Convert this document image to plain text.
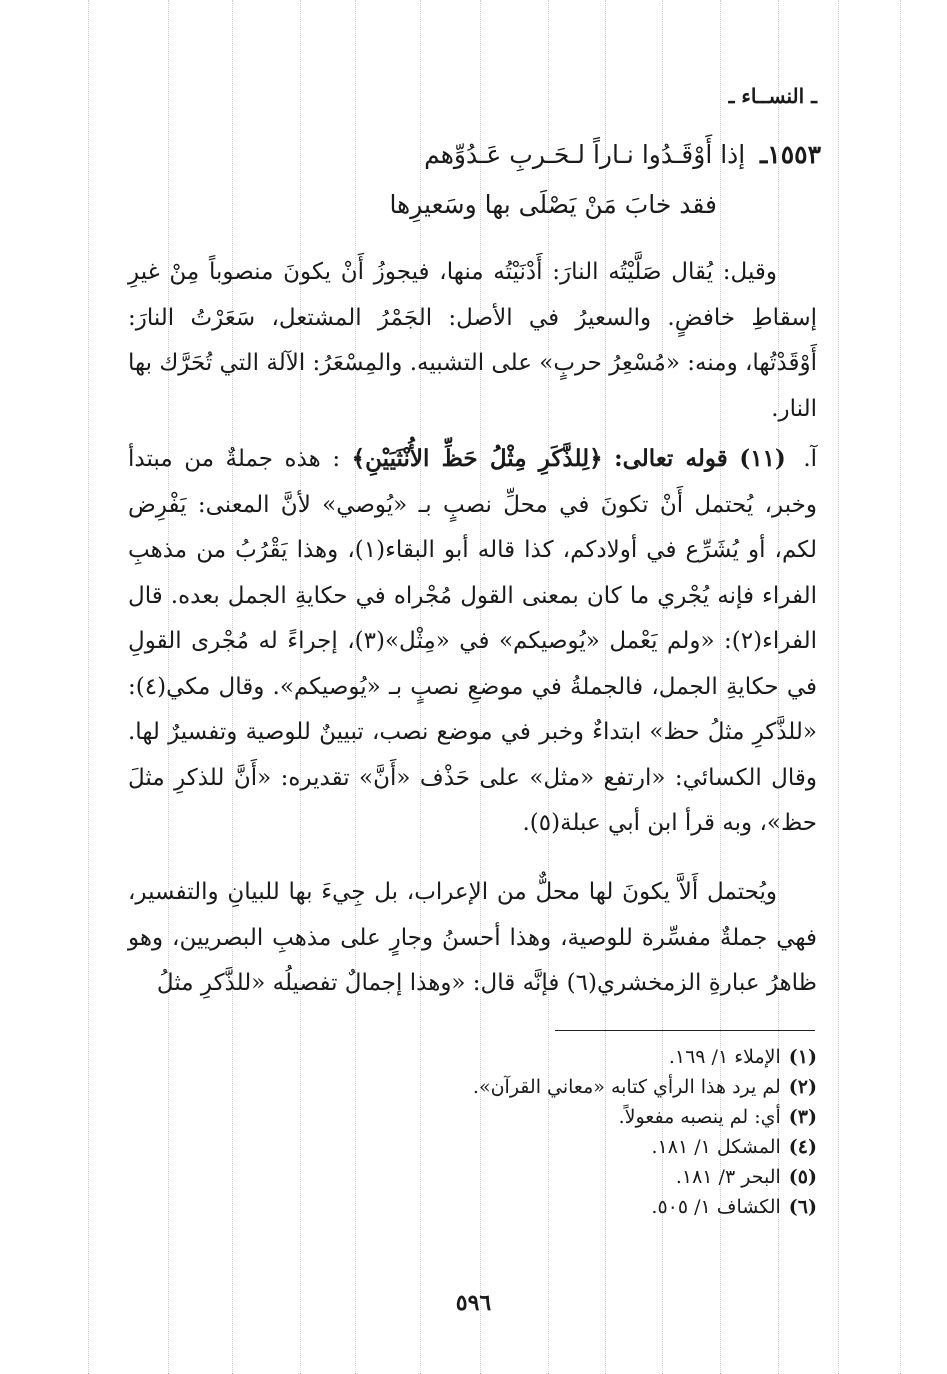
ـ النســاء ـ
١٥٥٣ـ إذا أَوْقَـدُوا نـاراً لـحَـربِ عَـدُوِّهم
فقد خابَ مَنْ يَصْلَى بها وسَعيرِها
وقيل: يُقال صَلَّيْتُه النارَ: أَدْنَيْتُه منها، فيجوزُ أَنْ يكونَ منصوباً مِنْ غيرِ إسقاطِ خافضٍ. والسعيرُ في الأصل: الجَمْرُ المشتعل، سَعَرْتُ النارَ: أَوْقَدْتُها، ومنه: «مُسْعِرُ حربٍ» على التشبيه. والمِسْعَرُ: الآلة التي تُحَرَّك بها النار.
آ. (١١) قوله تعالى: ﴿لِلذَّكَرِ مِثْلُ حَظِّ الأُنْثَيَيْنِ﴾ : هذه جملةٌ من مبتدأ وخبر، يُحتمل أَنْ تكونَ في محلِّ نصبٍ بـ «يُوصي» لأنَّ المعنى: يَفْرِض لكم، أو يُشَرِّع في أولادكم، كذا قاله أبو البقاء(١)، وهذا يَقْرُبُ من مذهبِ الفراء فإنه يُجْري ما كان بمعنى القول مُجْراه في حكايةِ الجمل بعده. قال الفراء(٢): «ولم يَعْمل «يُوصيكم» في «مِثْل»(٣)، إجراءً له مُجْرى القولِ في حكايةِ الجمل، فالجملةُ في موضعِ نصبٍ بـ «يُوصيكم». وقال مكي(٤): «للذَّكرِ مثلُ حظ» ابتداءٌ وخبر في موضع نصب، تبيينٌ للوصية وتفسيرٌ لها. وقال الكسائي: «ارتفع «مثل» على حَذْف «أَنَّ» تقديره: «أَنَّ للذكرِ مثلَ حظ»، وبه قرأ ابن أبي عبلة(٥).
ويُحتمل أَلاَّ يكونَ لها محلٌّ من الإعراب، بل جِيءَ بها للبيانِ والتفسير، فهي جملةٌ مفسِّرة للوصية، وهذا أحسنُ وجارٍ على مذهبِ البصريين، وهو ظاهرُ عبارةِ الزمخشري(٦) فإنَّه قال: «وهذا إجمالٌ تفصيلُه «للذَّكرِ مثلُ
(١)الإملاء ١/ ١٦٩.
(٢)لم يرد هذا الرأي كتابه «معاني القرآن».
(٣)أي: لم ينصبه مفعولاً.
(٤)المشكل ١/ ١٨١.
(٥)البحر ٣/ ١٨١.
(٦)الكشاف ١/ ٥٠٥.
٥٩٦
